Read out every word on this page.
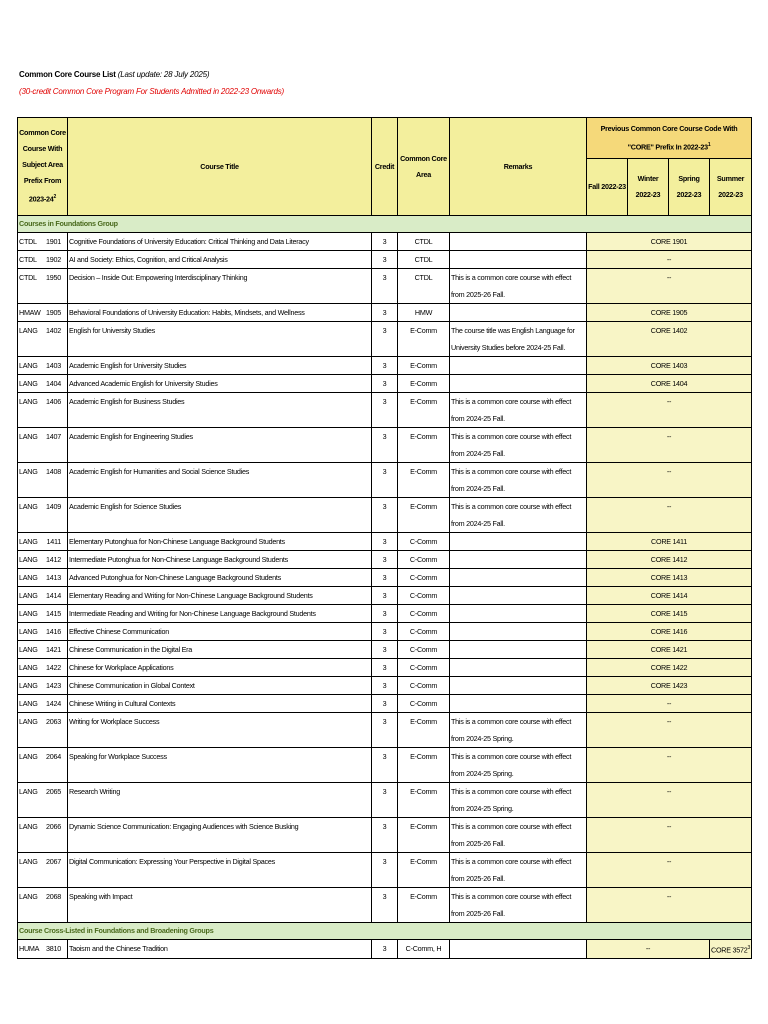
Common Core Course List (Last update: 28 July 2025)
(30-credit Common Core Program For Students Admitted in 2022-23 Onwards)
Common Core Course With Subject Area Prefix From $2023-24^2$	Course Title	Credit	Common Core Area	Remarks	Previous Common Core Course Code With "CORE" Prefix In $2022-23^1$
					Fall 2022-23	Winter 2022-23	Spring 2022-23	Summer 2022-23
Courses in Foundations Group								

CTDL 1901	Cognitive Foundations of University Education: Critical Thinking and Data Literacy	3	CTDL		CORE 1901			

CTDL 1902	AI and Society: Ethics, Cognition, and Critical Analysis	3	CTDL		--			

CTDL 1950	Decision – Inside Out: Empowering Interdisciplinary Thinking	3	CTDL	This is a common core course with effect from 2025-26 Fall.	--			

HMAW 1905	Behavioral Foundations of University Education: Habits, Mindsets, and Wellness	3	HMW		CORE 1905			

LANG 1402	English for University Studies	3	E-Comm	The course title was English Language for University Studies before 2024-25 Fall.	CORE 1402			

LANG 1403	Academic English for University Studies	3	E-Comm		CORE 1403			

LANG 1404	Advanced Academic English for University Studies	3	E-Comm		CORE 1404			

LANG 1406	Academic English for Business Studies	3	E-Comm	This is a common core course with effect from 2024-25 Fall.	--			

LANG 1407	Academic English for Engineering Studies	3	E-Comm	This is a common core course with effect from 2024-25 Fall.	--			

LANG 1408	Academic English for Humanities and Social Science Studies	3	E-Comm	This is a common core course with effect from 2024-25 Fall.	--			

LANG 1409	Academic English for Science Studies	3	E-Comm	This is a common core course with effect from 2024-25 Fall.	--			

LANG 1411	Elementary Putonghua for Non-Chinese Language Background Students	3	C-Comm		CORE 1411			

LANG 1412	Intermediate Putonghua for Non-Chinese Language Background Students	3	C-Comm		CORE 1412			

LANG 1413	Advanced Putonghua for Non-Chinese Language Background Students	3	C-Comm		CORE 1413			

LANG 1414	Elementary Reading and Writing for Non-Chinese Language Background Students	3	C-Comm		CORE 1414			

LANG 1415	Intermediate Reading and Writing for Non-Chinese Language Background Students	3	C-Comm		CORE 1415			

LANG 1416	Effective Chinese Communication	3	C-Comm		CORE 1416			

LANG 1421	Chinese Communication in the Digital Era	3	C-Comm		CORE 1421			

LANG 1422	Chinese for Workplace Applications	3	C-Comm		CORE 1422			

LANG 1423	Chinese Communication in Global Context	3	C-Comm		CORE 1423			

LANG 1424	Chinese Writing in Cultural Contexts	3	C-Comm		--			

LANG 2063	Writing for Workplace Success	3	E-Comm	This is a common core course with effect from 2024-25 Spring.	--			

LANG 2064	Speaking for Workplace Success	3	E-Comm	This is a common core course with effect from 2024-25 Spring.	--			

LANG 2065	Research Writing	3	E-Comm	This is a common core course with effect from 2024-25 Spring.	--			

LANG 2066	Dynamic Science Communication: Engaging Audiences with Science Busking	3	E-Comm	This is a common core course with effect from 2025-26 Fall.	--			

LANG 2067	Digital Communication: Expressing Your Perspective in Digital Spaces	3	E-Comm	This is a common core course with effect from 2025-26 Fall.	--			

LANG 2068	Speaking with Impact	3	E-Comm	This is a common core course with effect from 2025-26 Fall.	--			
Course Cross-Listed in Foundations and Broadening Groups								

HUMA 3810	Taoism and the Chinese Tradition	3	C-Comm, H		--			CORE 3572$^3$
